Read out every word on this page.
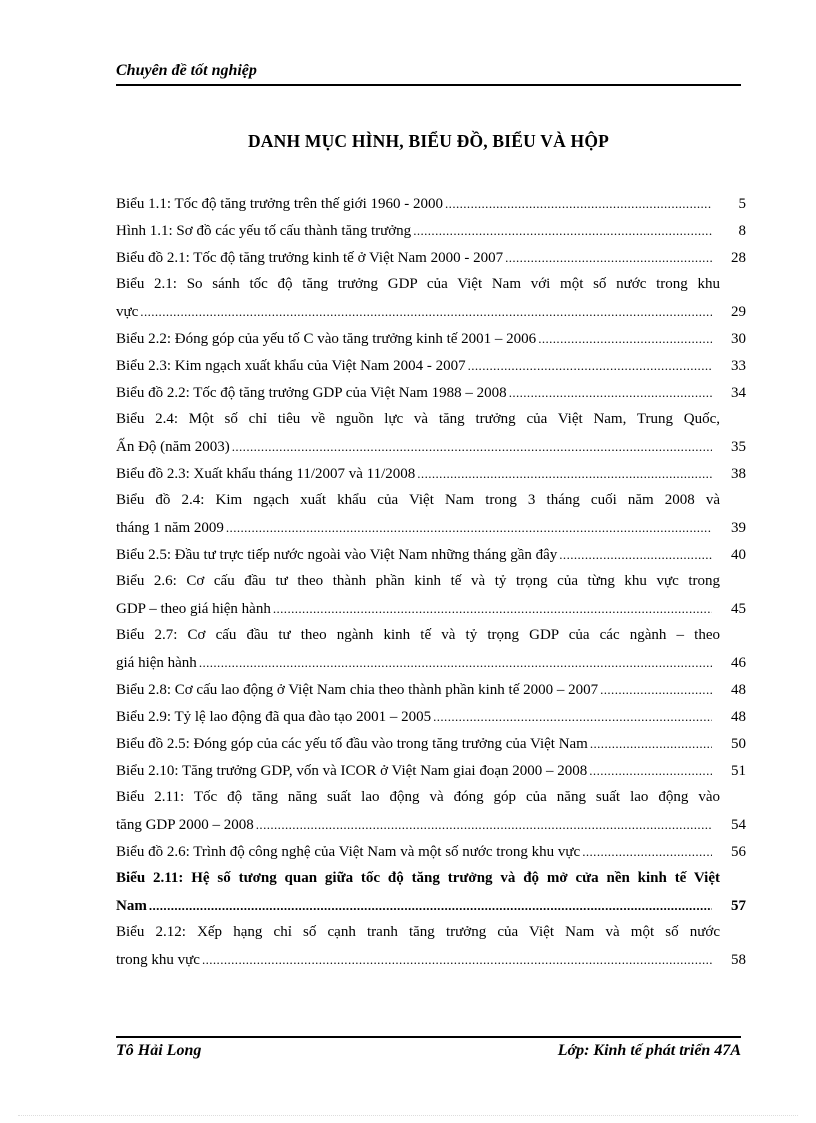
Chuyên đề tốt nghiệp
DANH MỤC HÌNH, BIỂU ĐỒ, BIỂU VÀ HỘP
Biểu 1.1: Tốc độ tăng trưởng trên thế giới 1960 - 2000 .....	5
Hình 1.1: Sơ đồ các yếu tố cấu thành tăng trưởng .....	8
Biểu đồ 2.1: Tốc độ tăng trưởng kinh tế ở Việt Nam 2000 - 2007 .....	28
Biểu 2.1: So sánh tốc độ tăng trưởng GDP của Việt Nam với một số nước trong khu
vực .....	29
Biểu 2.2: Đóng góp của yếu tố C vào tăng trưởng kinh tế 2001 – 2006 .....	30
Biểu 2.3: Kim ngạch xuất khẩu của Việt Nam 2004 - 2007 .....	33
Biểu đồ 2.2: Tốc độ tăng trưởng GDP của Việt Nam 1988 – 2008 .....	34
Biểu 2.4: Một số chỉ tiêu về nguồn lực và tăng trưởng của Việt Nam, Trung Quốc,
Ấn Độ (năm 2003) .....	35
Biểu đồ 2.3: Xuất khẩu tháng 11/2007 và 11/2008 .....	38
Biểu đồ 2.4: Kim ngạch xuất khẩu của Việt Nam trong 3 tháng cuối năm 2008 và
tháng 1 năm 2009 .....	39
Biểu 2.5: Đầu tư trực tiếp nước ngoài vào Việt Nam những tháng gần đây .....	40
Biểu 2.6: Cơ cấu đầu tư theo thành phần kinh tế và tỷ trọng của từng khu vực trong
GDP – theo giá hiện hành .....	45
Biểu 2.7: Cơ cấu đầu tư theo ngành kinh tế và tỷ trọng GDP của các ngành – theo
giá hiện hành .....	46
Biểu 2.8: Cơ cấu lao động ở Việt Nam chia theo thành phần kinh tế 2000 – 2007 .....	48
Biểu 2.9: Tỷ lệ lao động đã qua đào tạo 2001 – 2005 .....	48
Biểu đồ 2.5: Đóng góp của các yếu tố đầu vào trong tăng trưởng của Việt Nam .....	50
Biểu 2.10: Tăng trưởng GDP, vốn và ICOR ở Việt Nam giai đoạn 2000 – 2008 .....	51
Biểu 2.11: Tốc độ tăng năng suất lao động và đóng góp của năng suất lao động vào
tăng GDP 2000 – 2008 .....	54
Biểu đồ 2.6: Trình độ công nghệ của Việt Nam và một số nước trong khu vực .....	56
Biểu 2.11: Hệ số tương quan giữa tốc độ tăng trưởng và độ mở cửa nền kinh tế Việt
Nam .....	57
Biểu 2.12: Xếp hạng chỉ số cạnh tranh tăng trưởng của Việt Nam và một số nước
trong khu vực .....	58
Tô Hải Long	Lớp: Kinh tế phát triển 47A
